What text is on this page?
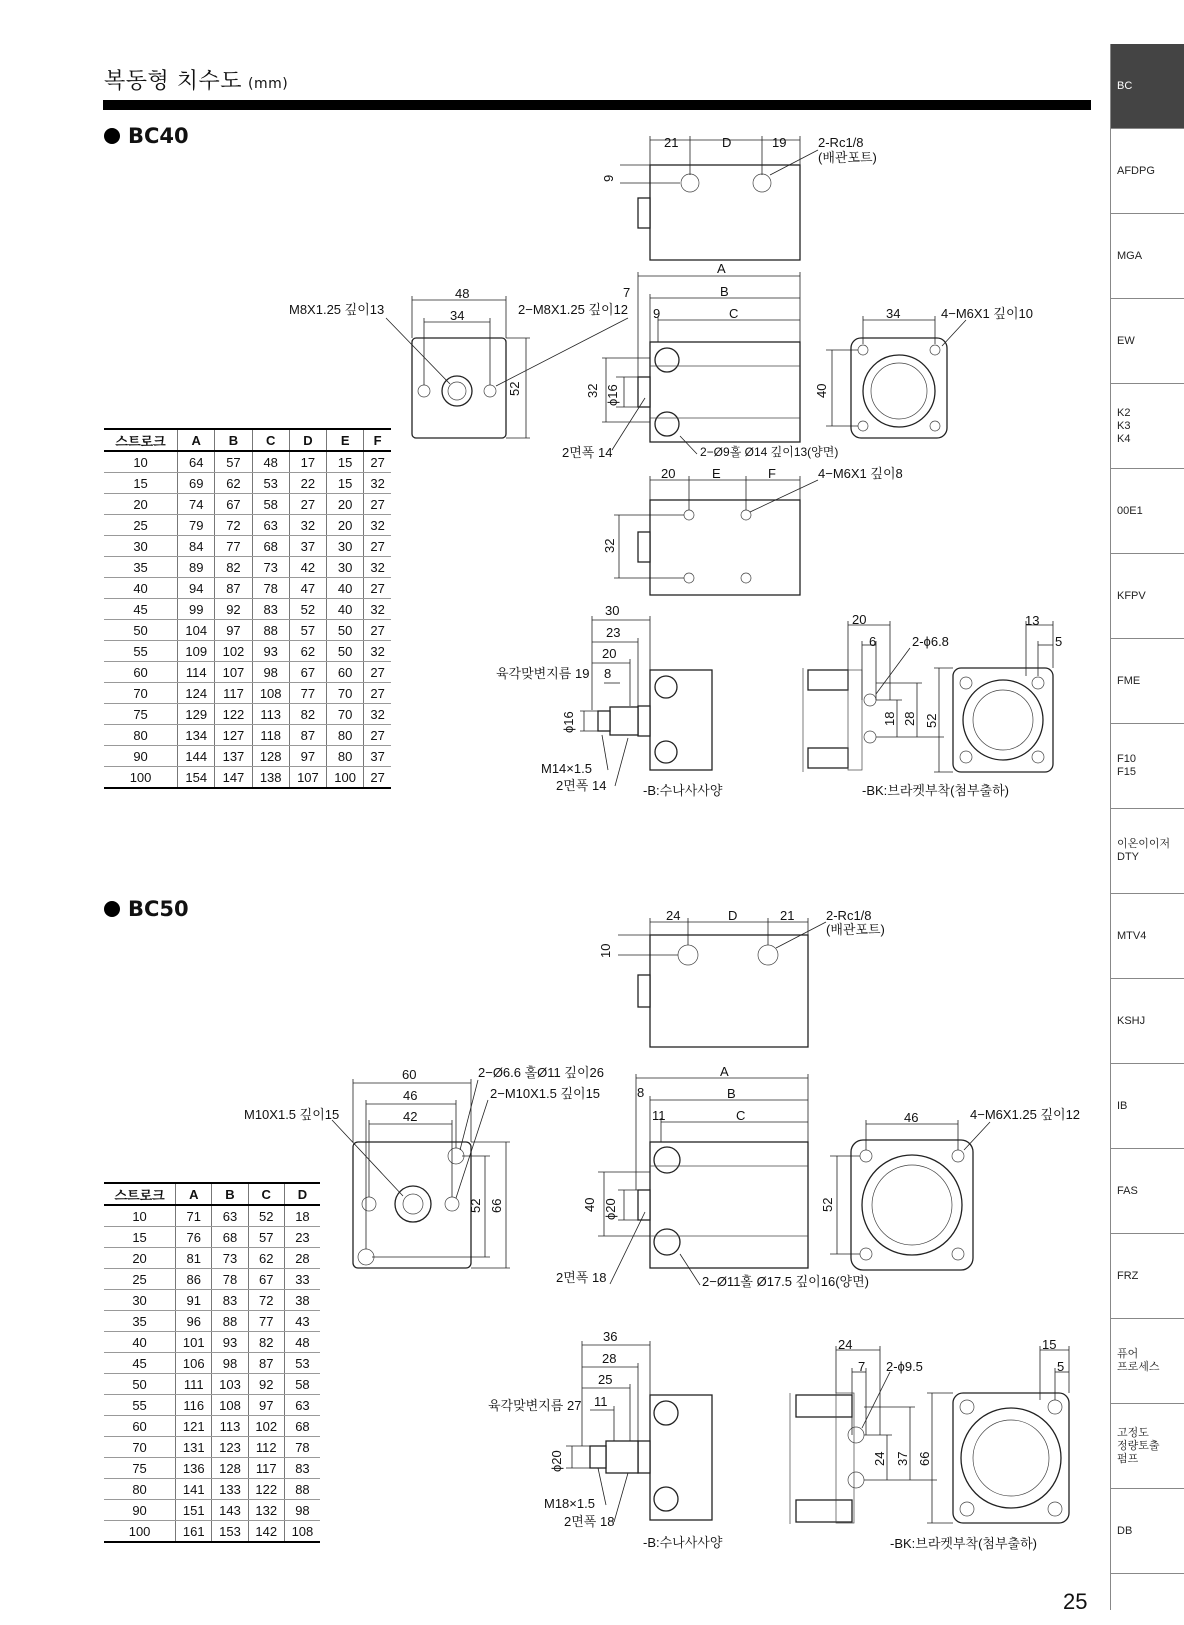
복동형 치수도 (mm)
BC40
BC50
스트로크	A	B	C	D	E	F
10	64	57	48	17	15	27
15	69	62	53	22	15	32
20	74	67	58	27	20	27
25	79	72	63	32	20	32
30	84	77	68	37	30	27
35	89	82	73	42	30	32
40	94	87	78	47	40	27
45	99	92	83	52	40	32
50	104	97	88	57	50	27
55	109	102	93	62	50	32
60	114	107	98	67	60	27
70	124	117	108	77	70	27
75	129	122	113	82	70	32
80	134	127	118	87	80	27
90	144	137	128	97	80	37
100	154	147	138	107	100	27
스트로크	A	B	C	D
10	71	63	52	18
15	76	68	57	23
20	81	73	62	28
25	86	78	67	33
30	91	83	72	38
35	96	88	77	43
40	101	93	82	48
45	106	98	87	53
50	111	103	92	58
55	116	108	97	63
60	121	113	102	68
70	131	123	112	78
75	136	128	117	83
80	141	133	122	88
90	151	143	132	98
100	161	153	142	108
21	D	19 2-Rc1/8
(배관포트)
9
48
34
52
M8X1.25 깊이13	2−M8X1.25 깊이12
A
7	B
9	C
32 ϕ16
2면폭 14	2−Ø9홀 Ø14 깊이13(양면)
34
40
4−M6X1 깊이10
20	E	F	4−M6X1 깊이8
32
30
23
20
8
육각맞변지름 19
ϕ16
M14×1.5
2면폭 14	-B:수나사사양
20
6	2-ϕ6.8
13
5
18 28 52
-BK:브라켓부착(첨부출하)
24	D	21 2-Rc1/8
(배관포트)
10
60
46
42
52 66
M10X1.5 깊이15
2−Ø6.6 홀Ø11 깊이26
2−M10X1.5 깊이15
A
8	B
11	C
40 ϕ20
2면폭 18	2−Ø11홀 Ø17.5 깊이16(양면)
46
52
4−M6X1.25 깊이12
36
28
25
11
육각맞변지름 27
ϕ20
M18×1.5
2면폭 18
-B:수나사사양
24
7 2-ϕ9.5
15
5
24 37 66
-BK:브라켓부착(첨부출하)
BC
AFDPG
MGA
EW
K2
K3
K4
00E1
KFPV
FME
F10
F15
이온이이저
DTY
MTV4
KSHJ
IB
FAS
FRZ
퓨어
프로세스
고정도
정량토출
펌프
DB
25
